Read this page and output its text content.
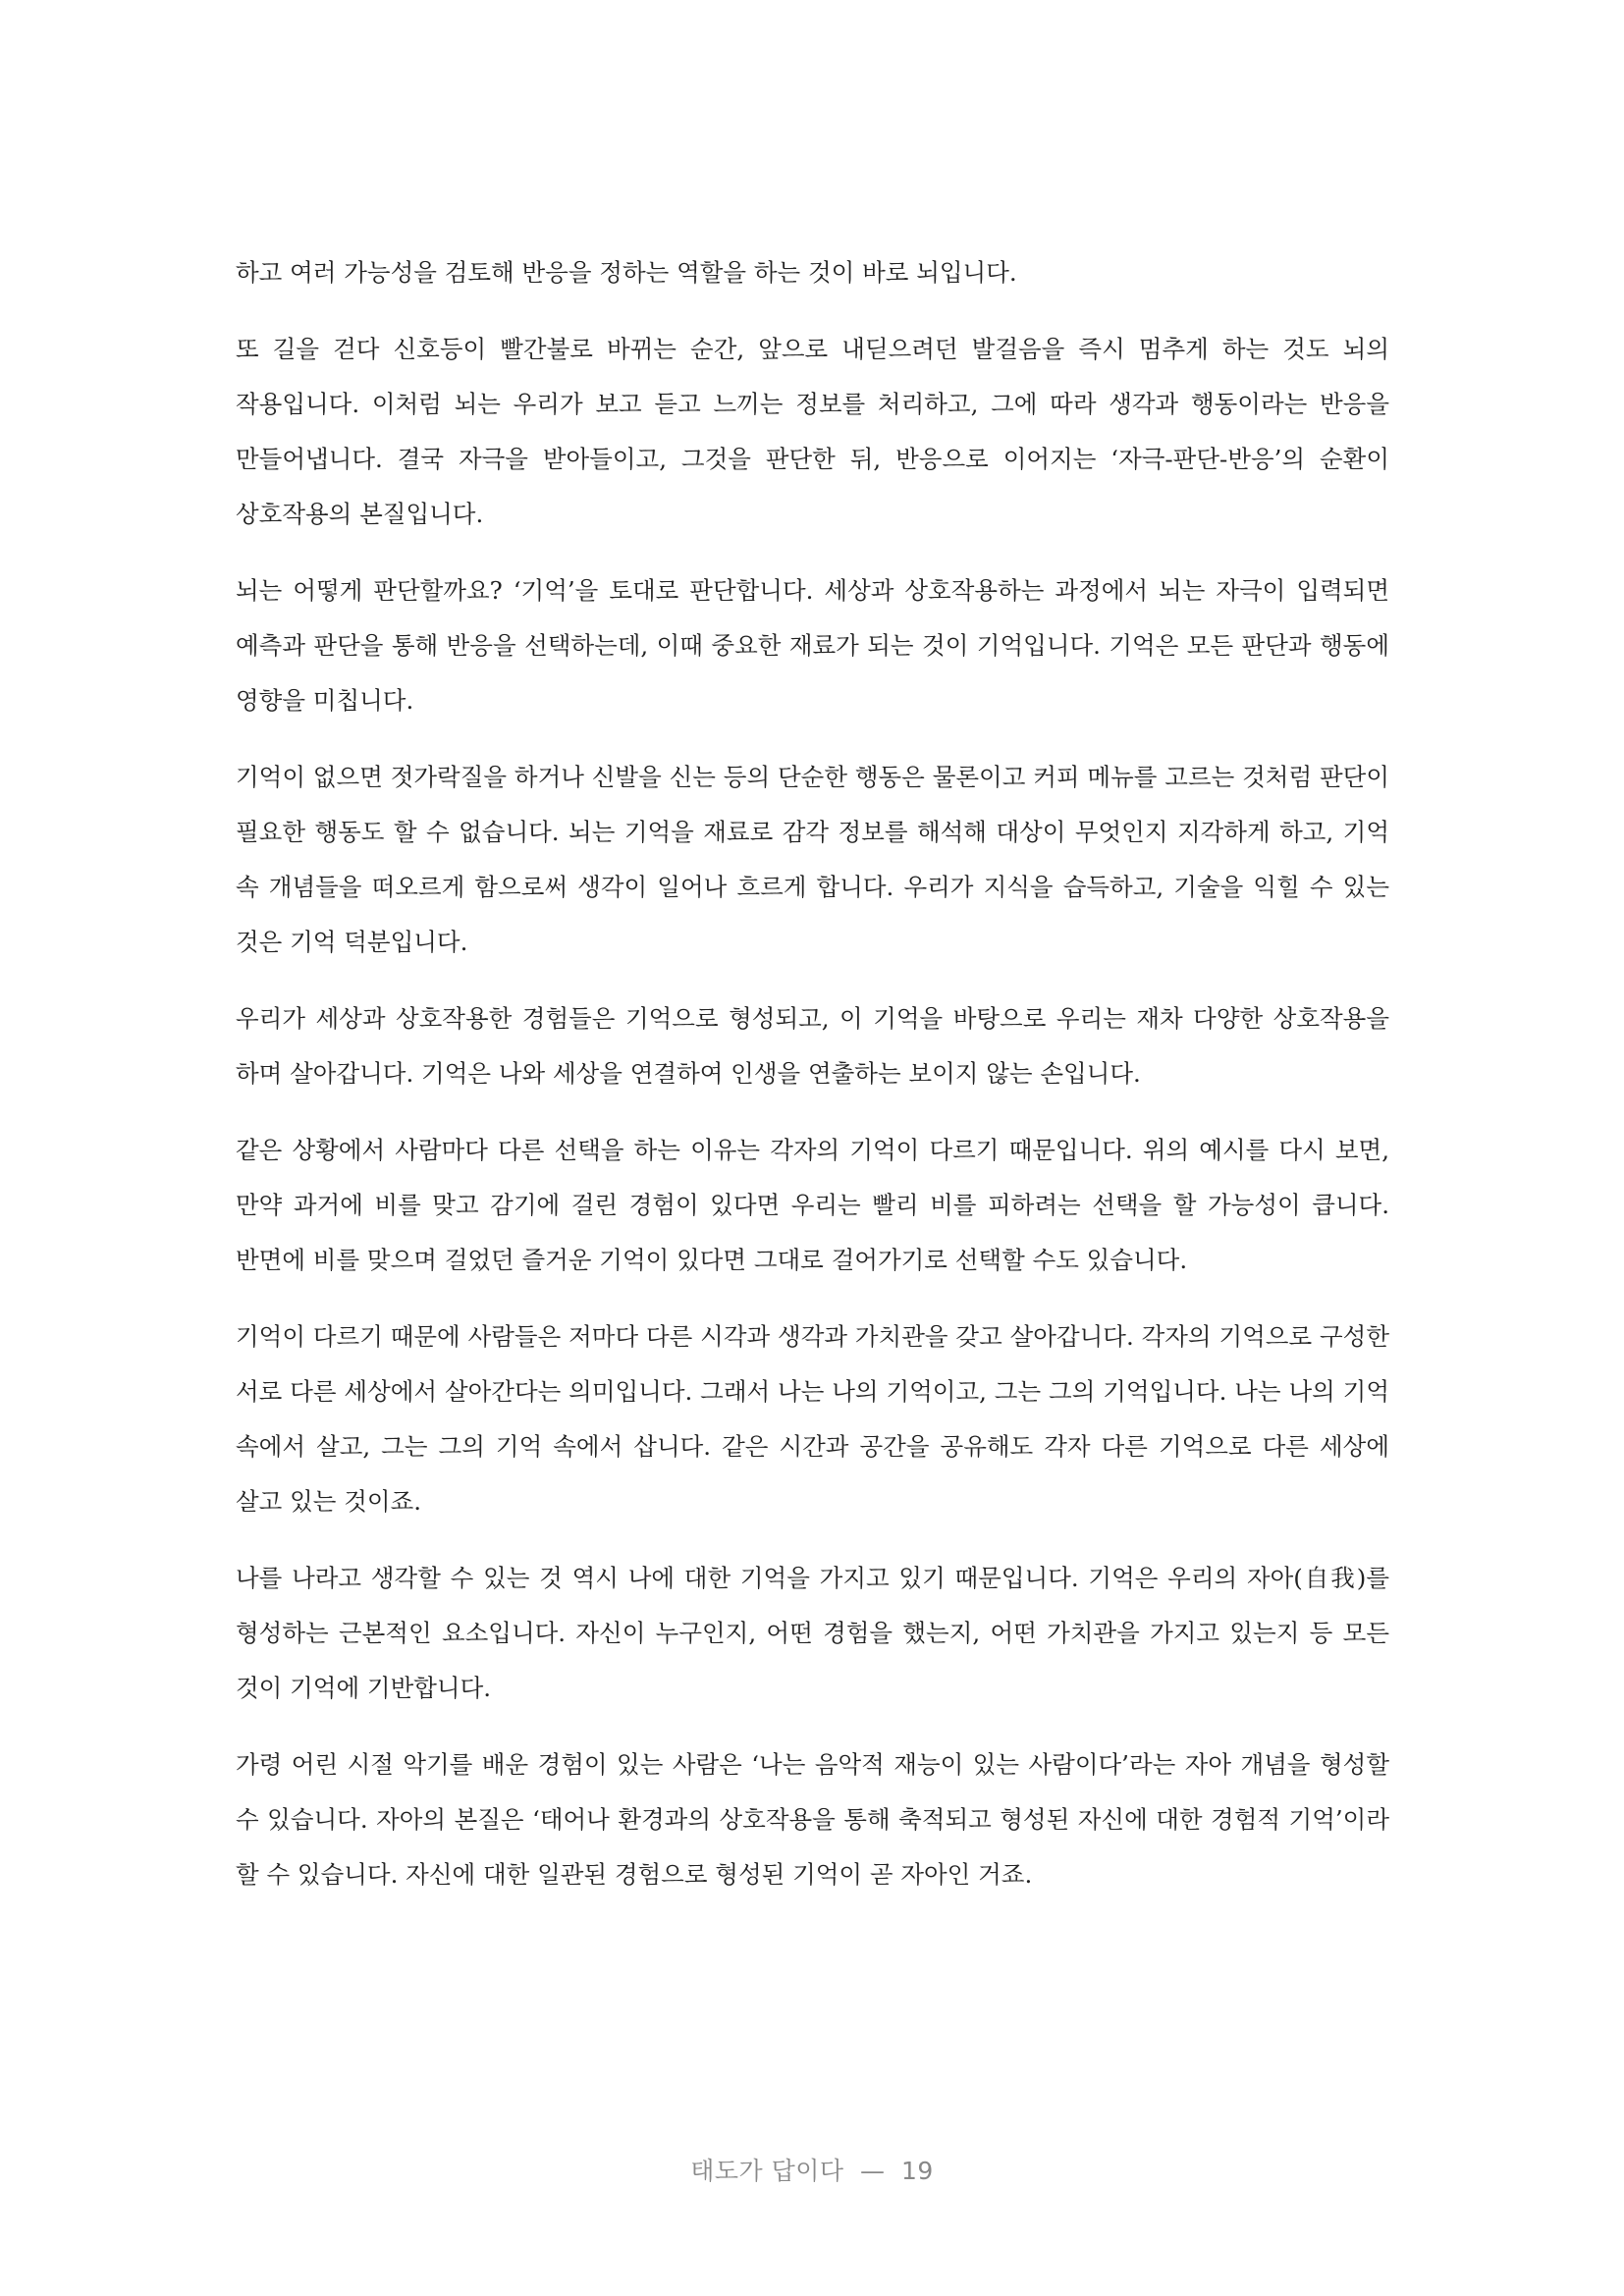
하고 여러 가능성을 검토해 반응을 정하는 역할을 하는 것이 바로 뇌입니다.

또 길을 걷다 신호등이 빨간불로 바뀌는 순간, 앞으로 내딛으려던 발걸음을 즉시 멈추게 하는 것도 뇌의 작용입니다. 이처럼 뇌는 우리가 보고 듣고 느끼는 정보를 처리하고, 그에 따라 생각과 행동이라는 반응을 만들어냅니다. 결국 자극을 받아들이고, 그것을 판단한 뒤, 반응으로 이어지는 ‘자극-판단-반응’의 순환이 상호작용의 본질입니다.

뇌는 어떻게 판단할까요? ‘기억’을 토대로 판단합니다. 세상과 상호작용하는 과정에서 뇌는 자극이 입력되면 예측과 판단을 통해 반응을 선택하는데, 이때 중요한 재료가 되는 것이 기억입니다. 기억은 모든 판단과 행동에 영향을 미칩니다.

기억이 없으면 젓가락질을 하거나 신발을 신는 등의 단순한 행동은 물론이고 커피 메뉴를 고르는 것처럼 판단이 필요한 행동도 할 수 없습니다. 뇌는 기억을 재료로 감각 정보를 해석해 대상이 무엇인지 지각하게 하고, 기억 속 개념들을 떠오르게 함으로써 생각이 일어나 흐르게 합니다. 우리가 지식을 습득하고, 기술을 익힐 수 있는 것은 기억 덕분입니다.

우리가 세상과 상호작용한 경험들은 기억으로 형성되고, 이 기억을 바탕으로 우리는 재차 다양한 상호작용을 하며 살아갑니다. 기억은 나와 세상을 연결하여 인생을 연출하는 보이지 않는 손입니다.

같은 상황에서 사람마다 다른 선택을 하는 이유는 각자의 기억이 다르기 때문입니다. 위의 예시를 다시 보면, 만약 과거에 비를 맞고 감기에 걸린 경험이 있다면 우리는 빨리 비를 피하려는 선택을 할 가능성이 큽니다. 반면에 비를 맞으며 걸었던 즐거운 기억이 있다면 그대로 걸어가기로 선택할 수도 있습니다.

기억이 다르기 때문에 사람들은 저마다 다른 시각과 생각과 가치관을 갖고 살아갑니다. 각자의 기억으로 구성한 서로 다른 세상에서 살아간다는 의미입니다. 그래서 나는 나의 기억이고, 그는 그의 기억입니다. 나는 나의 기억 속에서 살고, 그는 그의 기억 속에서 삽니다. 같은 시간과 공간을 공유해도 각자 다른 기억으로 다른 세상에 살고 있는 것이죠.

나를 나라고 생각할 수 있는 것 역시 나에 대한 기억을 가지고 있기 때문입니다. 기억은 우리의 자아(自我)를 형성하는 근본적인 요소입니다. 자신이 누구인지, 어떤 경험을 했는지, 어떤 가치관을 가지고 있는지 등 모든 것이 기억에 기반합니다.

가령 어린 시절 악기를 배운 경험이 있는 사람은 ‘나는 음악적 재능이 있는 사람이다’라는 자아 개념을 형성할 수 있습니다. 자아의 본질은 ‘태어나 환경과의 상호작용을 통해 축적되고 형성된 자신에 대한 경험적 기억’이라 할 수 있습니다. 자신에 대한 일관된 경험으로 형성된 기억이 곧 자아인 거죠.

태도가 답이다 — 19
